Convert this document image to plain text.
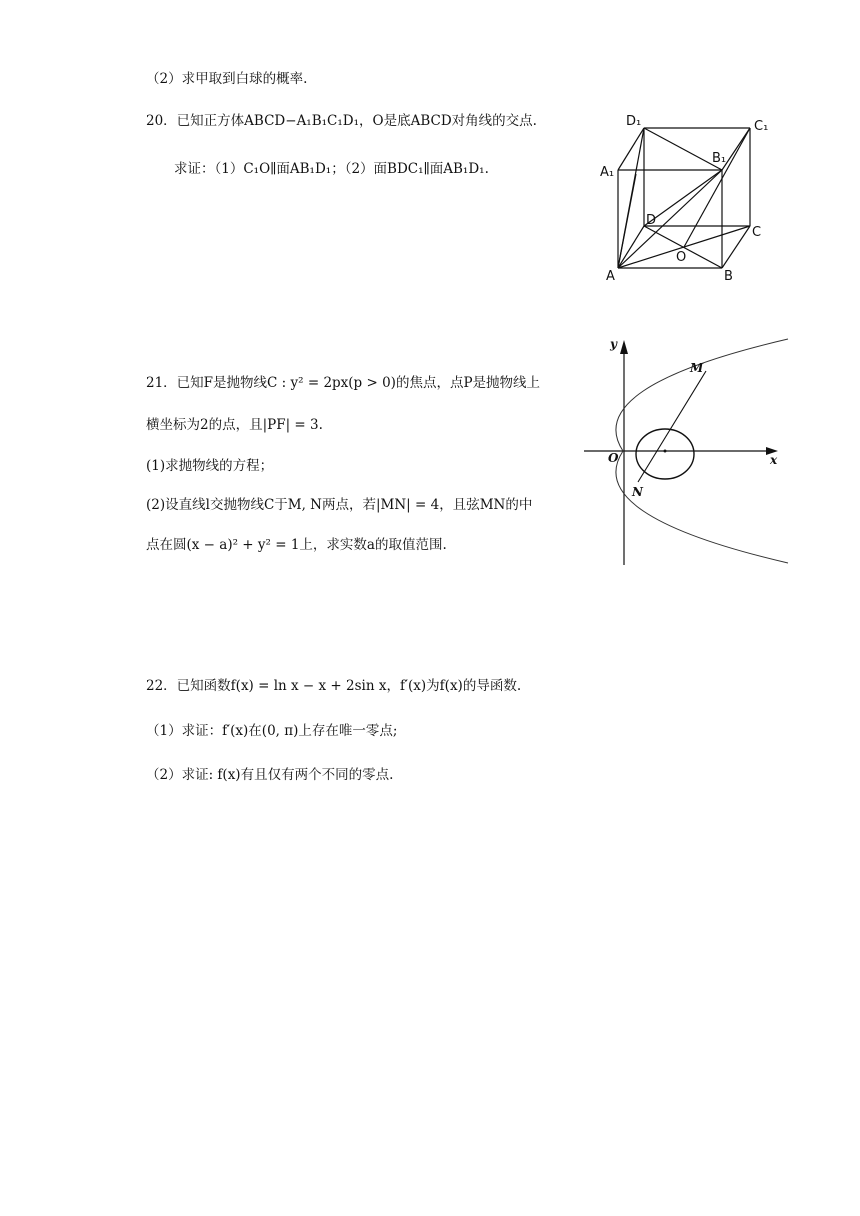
（2）求甲取到白球的概率.
20．已知正方体ABCD−A₁B₁C₁D₁，O是底ABCD对角线的交点.
求证：（1）C₁O∥面AB₁D₁；（2）面BDC₁∥面AB₁D₁.
D₁	C₁
B₁
A₁
D
C
O
A	B
21．已知F是抛物线C : y² = 2px(p > 0)的焦点，点P是抛物线上
横坐标为2的点，且|PF| = 3.
(1)求抛物线的方程；
(2)设直线l交抛物线C于M, N两点，若|MN| = 4，且弦MN的中
点在圆(x − a)² + y² = 1上，求实数a的取值范围.
y
x
O
M
N
22．已知函数f(x) = ln x − x + 2sin x，f′(x)为f(x)的导函数.
（1）求证：f′(x)在(0, π)上存在唯一零点;
（2）求证: f(x)有且仅有两个不同的零点.
